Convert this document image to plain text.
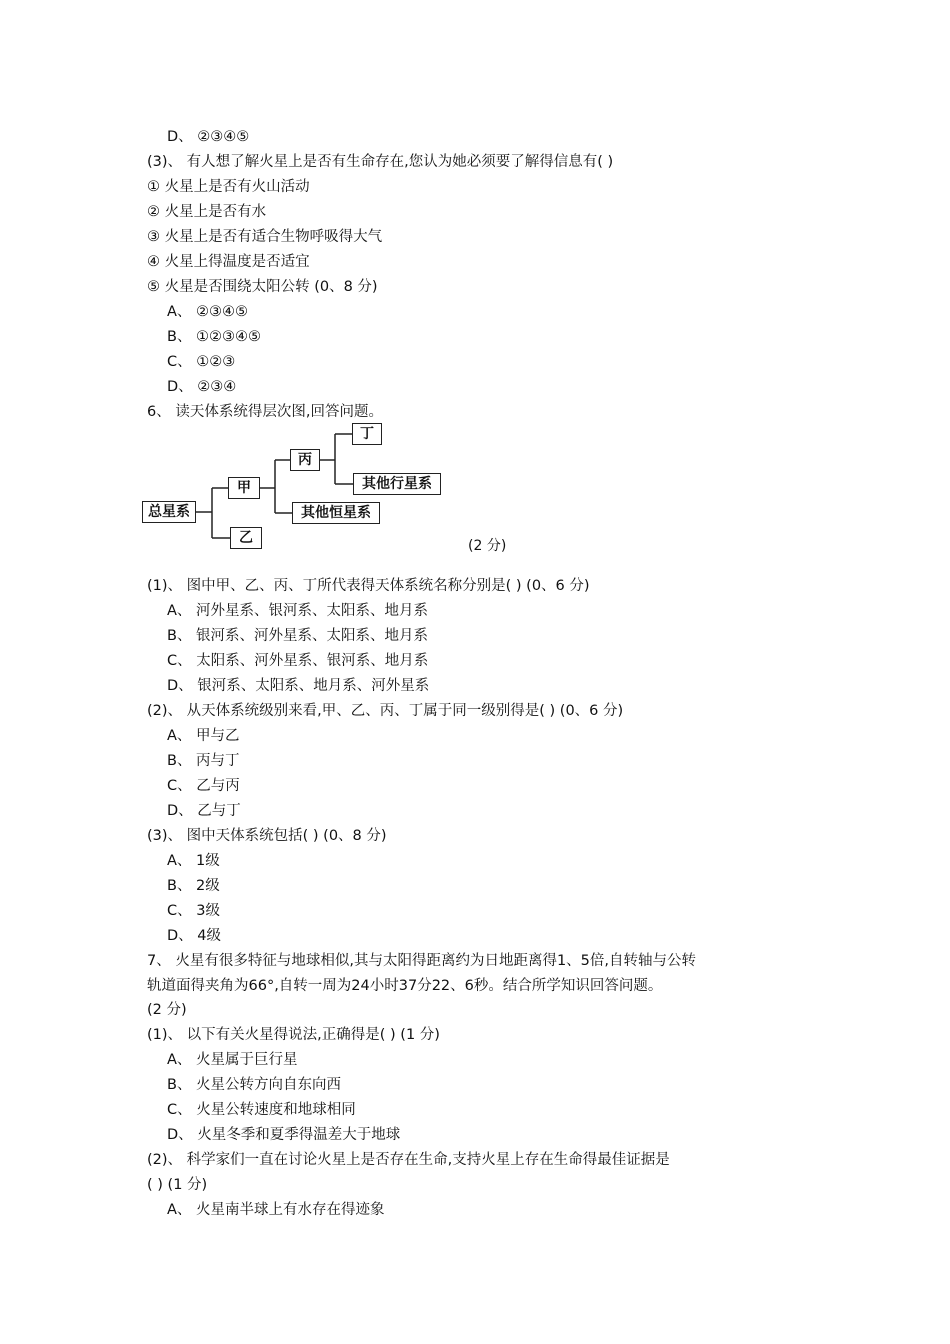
D、 ②③④⑤
(3)、 有人想了解火星上是否有生命存在,您认为她必须要了解得信息有( )
① 火星上是否有火山活动
② 火星上是否有水
③ 火星上是否有适合生物呼吸得大气
④ 火星上得温度是否适宜
⑤ 火星是否围绕太阳公转 (0、8 分)
A、 ②③④⑤
B、 ①②③④⑤
C、 ①②③
D、 ②③④
6、 读天体系统得层次图,回答问题。
(1)、 图中甲、乙、丙、丁所代表得天体系统名称分别是( ) (0、6 分)
A、 河外星系、银河系、太阳系、地月系
B、 银河系、河外星系、太阳系、地月系
C、 太阳系、河外星系、银河系、地月系
D、 银河系、太阳系、地月系、河外星系
(2)、 从天体系统级别来看,甲、乙、丙、丁属于同一级别得是( ) (0、6 分)
A、 甲与乙
B、 丙与丁
C、 乙与丙
D、 乙与丁
(3)、 图中天体系统包括( ) (0、8 分)
A、 1级
B、 2级
C、 3级
D、 4级
7、 火星有很多特征与地球相似,其与太阳得距离约为日地距离得1、5倍,自转轴与公转
轨道面得夹角为66°,自转一周为24小时37分22、6秒。结合所学知识回答问题。
(2 分)
(1)、 以下有关火星得说法,正确得是( ) (1 分)
A、 火星属于巨行星
B、 火星公转方向自东向西
C、 火星公转速度和地球相同
D、 火星冬季和夏季得温差大于地球
(2)、 科学家们一直在讨论火星上是否存在生命,支持火星上存在生命得最佳证据是
( ) (1 分)
A、 火星南半球上有水存在得迹象
总星系
甲
乙
丙
丁
其他恒星系
其他行星系
(2 分)
